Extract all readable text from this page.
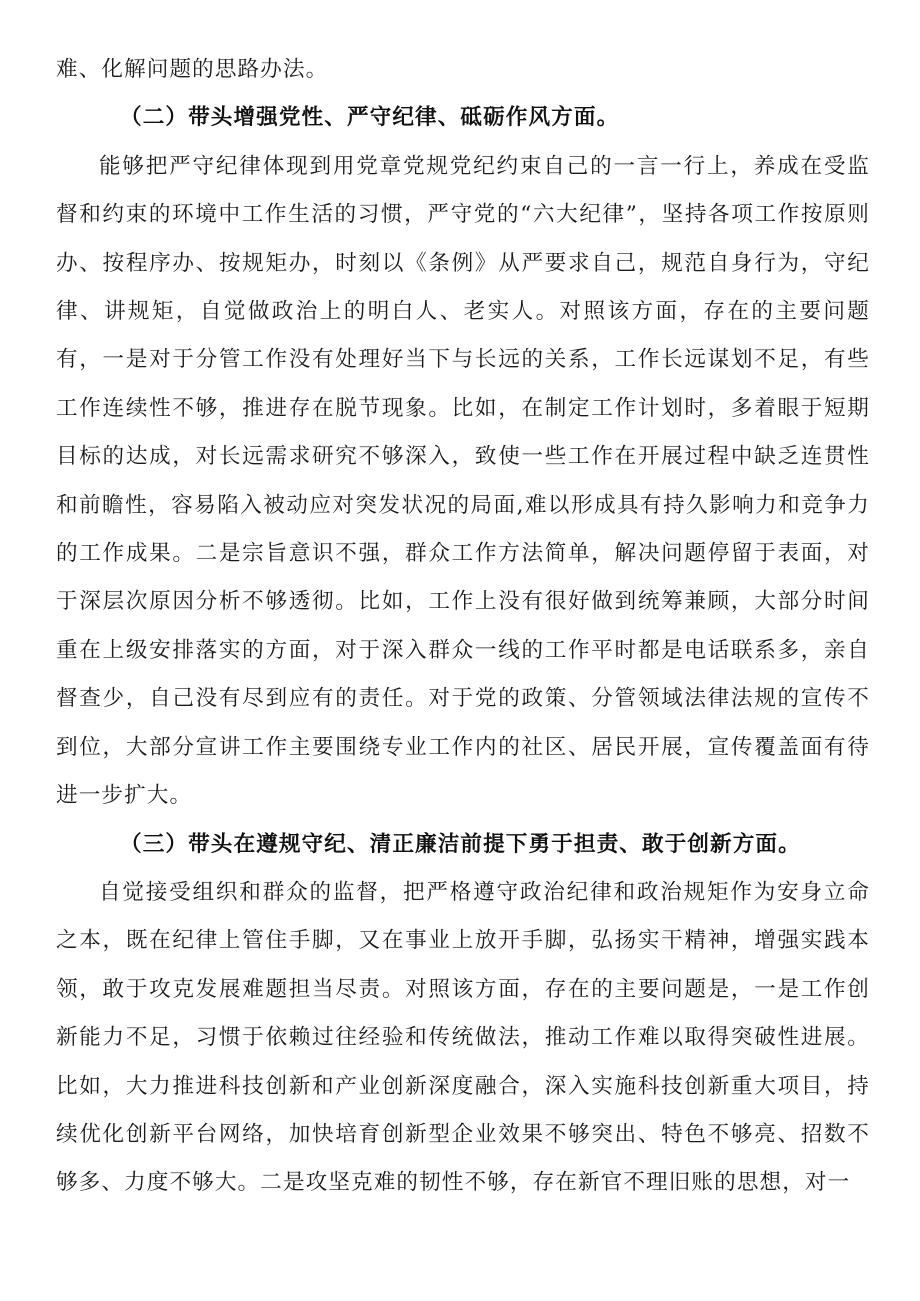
难、化解问题的思路办法。

（二）带头增强党性、严守纪律、砥砺作风方面。

能够把严守纪律体现到用党章党规党纪约束自己的一言一行上，养成在受监督和约束的环境中工作生活的习惯，严守党的“六大纪律”，坚持各项工作按原则办、按程序办、按规矩办，时刻以《条例》从严要求自己，规范自身行为，守纪律、讲规矩，自觉做政治上的明白人、老实人。对照该方面，存在的主要问题有，一是对于分管工作没有处理好当下与长远的关系，工作长远谋划不足，有些工作连续性不够，推进存在脱节现象。比如，在制定工作计划时，多着眼于短期目标的达成，对长远需求研究不够深入，致使一些工作在开展过程中缺乏连贯性和前瞻性，容易陷入被动应对突发状况的局面,难以形成具有持久影响力和竞争力的工作成果。二是宗旨意识不强，群众工作方法简单，解决问题停留于表面，对于深层次原因分析不够透彻。比如，工作上没有很好做到统筹兼顾，大部分时间重在上级安排落实的方面，对于深入群众一线的工作平时都是电话联系多，亲自督查少，自己没有尽到应有的责任。对于党的政策、分管领域法律法规的宣传不到位，大部分宣讲工作主要围绕专业工作内的社区、居民开展，宣传覆盖面有待进一步扩大。

（三）带头在遵规守纪、清正廉洁前提下勇于担责、敢于创新方面。

自觉接受组织和群众的监督，把严格遵守政治纪律和政治规矩作为安身立命之本，既在纪律上管住手脚，又在事业上放开手脚，弘扬实干精神，增强实践本领，敢于攻克发展难题担当尽责。对照该方面，存在的主要问题是，一是工作创新能力不足，习惯于依赖过往经验和传统做法，推动工作难以取得突破性进展。比如，大力推进科技创新和产业创新深度融合，深入实施科技创新重大项目，持续优化创新平台网络，加快培育创新型企业效果不够突出、特色不够亮、招数不够多、力度不够大。二是攻坚克难的韧性不够，存在新官不理旧账的思想，对一
